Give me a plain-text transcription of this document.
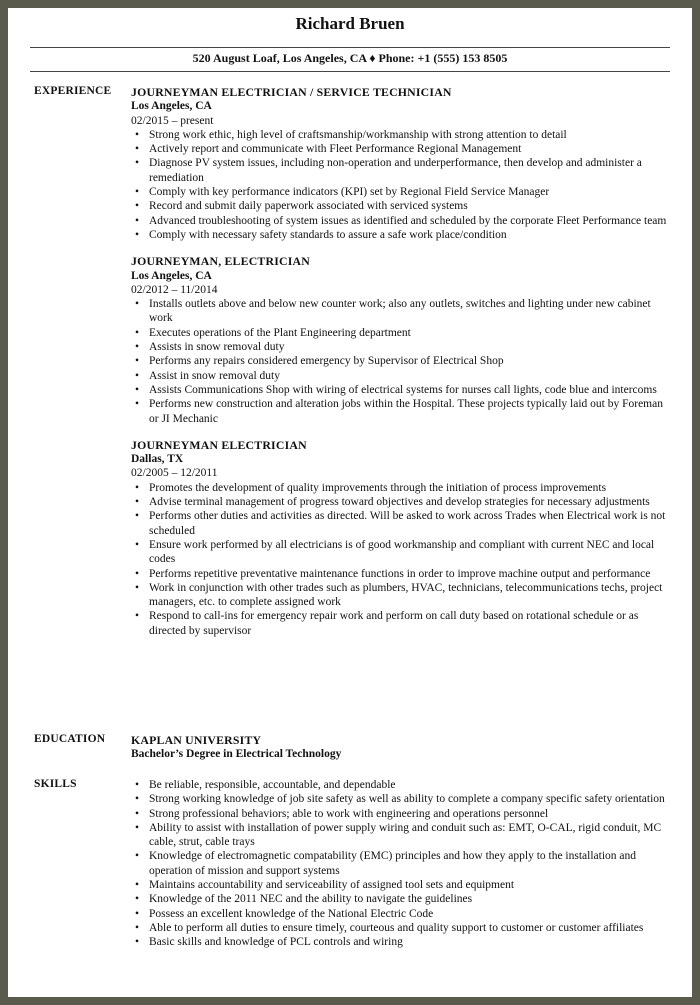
Richard Bruen
520 August Loaf, Los Angeles, CA ♦ Phone: +1 (555) 153 8505
EXPERIENCE JOURNEYMAN ELECTRICIAN / SERVICE TECHNICIAN
Los Angeles, CA
02/2015 – present
• Strong work ethic, high level of craftsmanship/workmanship with strong attention to detail
• Actively report and communicate with Fleet Performance Regional Management
• Diagnose PV system issues, including non-operation and underperformance, then develop and administer a remediation
• Comply with key performance indicators (KPI) set by Regional Field Service Manager
• Record and submit daily paperwork associated with serviced systems
• Advanced troubleshooting of system issues as identified and scheduled by the corporate Fleet Performance team
• Comply with necessary safety standards to assure a safe work place/condition
JOURNEYMAN, ELECTRICIAN
Los Angeles, CA
02/2012 – 11/2014
• Installs outlets above and below new counter work; also any outlets, switches and lighting under new cabinet work
• Executes operations of the Plant Engineering department
• Assists in snow removal duty
• Performs any repairs considered emergency by Supervisor of Electrical Shop
• Assist in snow removal duty
• Assists Communications Shop with wiring of electrical systems for nurses call lights, code blue and intercoms
• Performs new construction and alteration jobs within the Hospital. These projects typically laid out by Foreman or JI Mechanic
JOURNEYMAN ELECTRICIAN
Dallas, TX
02/2005 – 12/2011
• Promotes the development of quality improvements through the initiation of process improvements
• Advise terminal management of progress toward objectives and develop strategies for necessary adjustments
• Performs other duties and activities as directed. Will be asked to work across Trades when Electrical work is not scheduled
• Ensure work performed by all electricians is of good workmanship and compliant with current NEC and local codes
• Performs repetitive preventative maintenance functions in order to improve machine output and performance
• Work in conjunction with other trades such as plumbers, HVAC, technicians, telecommunications techs, project managers, etc. to complete assigned work
• Respond to call-ins for emergency repair work and perform on call duty based on rotational schedule or as directed by supervisor
EDUCATION KAPLAN UNIVERSITY
Bachelor’s Degree in Electrical Technology
SKILLS	• Be reliable, responsible, accountable, and dependable
• Strong working knowledge of job site safety as well as ability to complete a company specific safety orientation
• Strong professional behaviors; able to work with engineering and operations personnel
• Ability to assist with installation of power supply wiring and conduit such as: EMT, O-CAL, rigid conduit, MC cable, strut, cable trays
• Knowledge of electromagnetic compatability (EMC) principles and how they apply to the installation and operation of mission and support systems
• Maintains accountability and serviceability of assigned tool sets and equipment
• Knowledge of the 2011 NEC and the ability to navigate the guidelines
• Possess an excellent knowledge of the National Electric Code
• Able to perform all duties to ensure timely, courteous and quality support to customer or customer affiliates
• Basic skills and knowledge of PCL controls and wiring
